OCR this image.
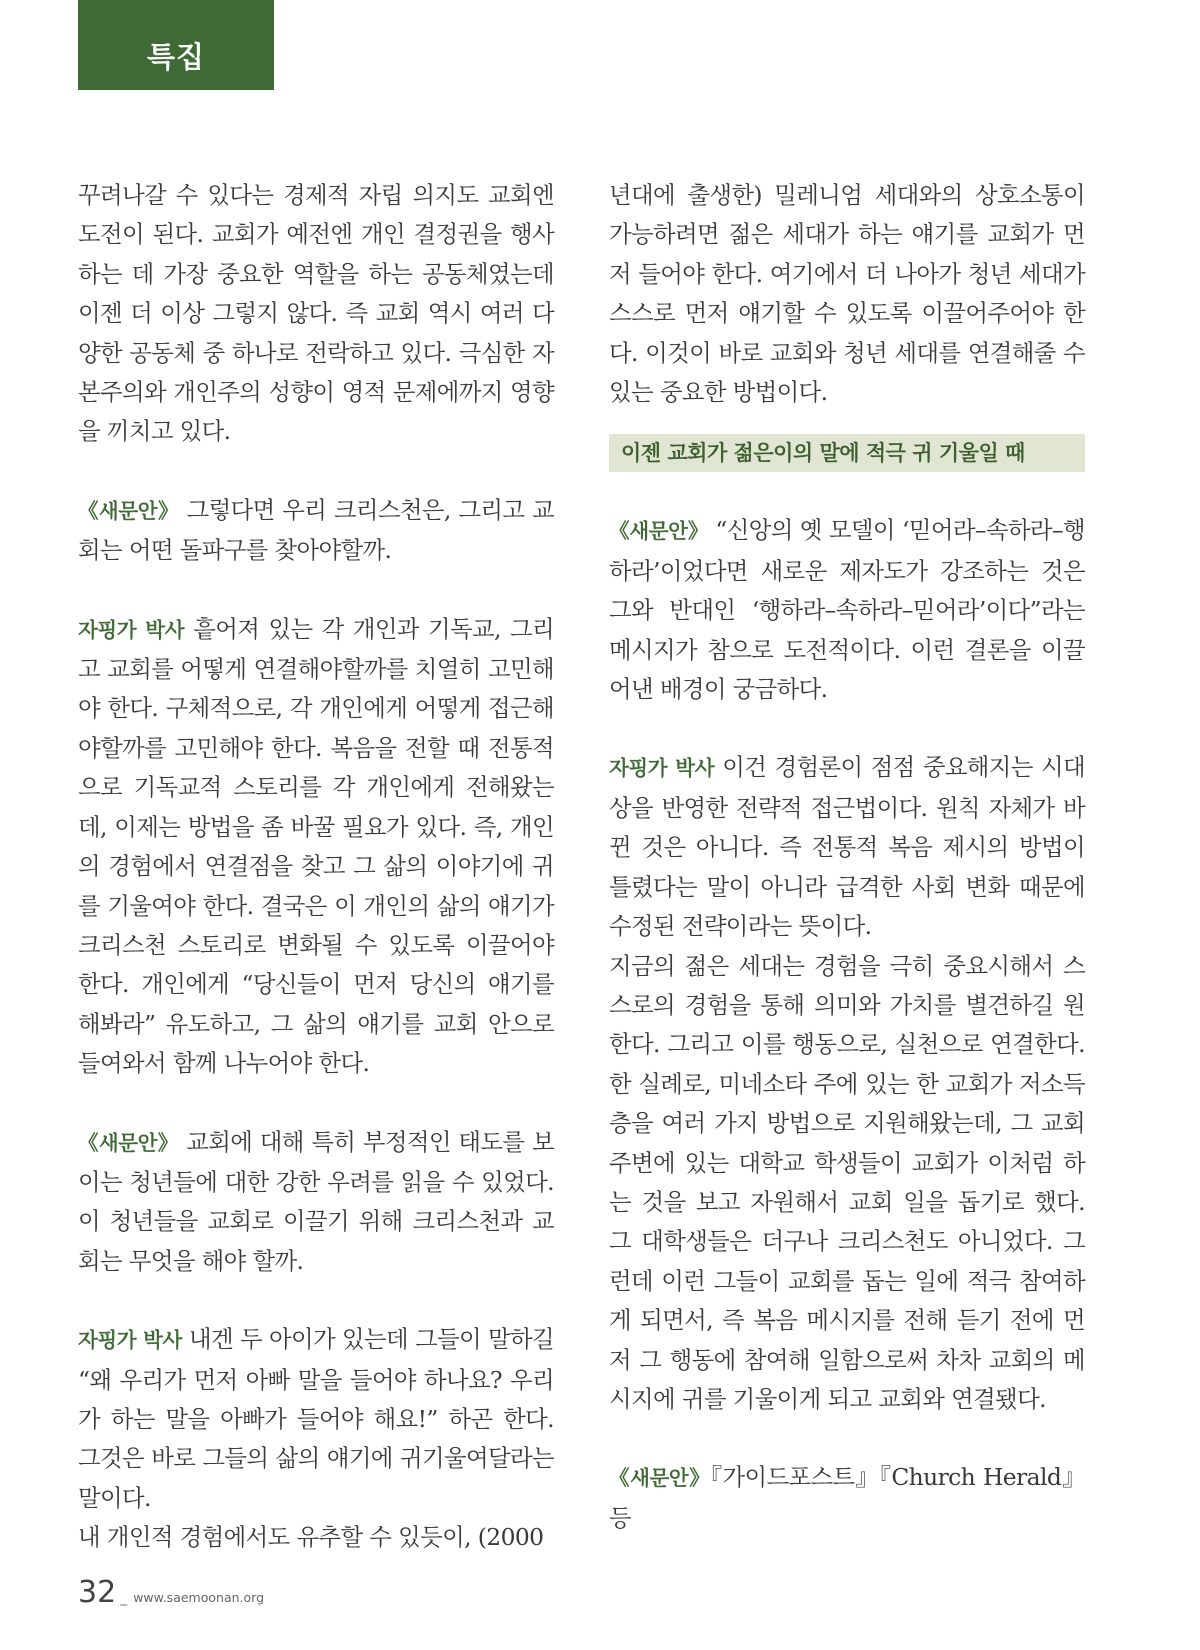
특집

꾸려나갈 수 있다는 경제적 자립 의지도 교회엔 도전이 된다. 교회가 예전엔 개인 결정권을 행사하는 데 가장 중요한 역할을 하는 공동체였는데 이젠 더 이상 그렇지 않다. 즉 교회 역시 여러 다양한 공동체 중 하나로 전락하고 있다. 극심한 자본주의와 개인주의 성향이 영적 문제에까지 영향을 끼치고 있다.

《새문안》 그렇다면 우리 크리스천은, 그리고 교회는 어떤 돌파구를 찾아야할까.

자핑가 박사 흩어져 있는 각 개인과 기독교, 그리고 교회를 어떻게 연결해야할까를 치열히 고민해야 한다. 구체적으로, 각 개인에게 어떻게 접근해야할까를 고민해야 한다. 복음을 전할 때 전통적으로 기독교적 스토리를 각 개인에게 전해왔는데, 이제는 방법을 좀 바꿀 필요가 있다. 즉, 개인의 경험에서 연결점을 찾고 그 삶의 이야기에 귀를 기울여야 한다. 결국은 이 개인의 삶의 얘기가 크리스천 스토리로 변화될 수 있도록 이끌어야 한다. 개인에게 “당신들이 먼저 당신의 얘기를 해봐라” 유도하고, 그 삶의 얘기를 교회 안으로 들여와서 함께 나누어야 한다.

《새문안》 교회에 대해 특히 부정적인 태도를 보이는 청년들에 대한 강한 우려를 읽을 수 있었다. 이 청년들을 교회로 이끌기 위해 크리스천과 교회는 무엇을 해야 할까.

자핑가 박사 내겐 두 아이가 있는데 그들이 말하길 “왜 우리가 먼저 아빠 말을 들어야 하나요? 우리가 하는 말을 아빠가 들어야 해요!” 하곤 한다. 그것은 바로 그들의 삶의 얘기에 귀기울여달라는 말이다.

내 개인적 경험에서도 유추할 수 있듯이, (2000

년대에 출생한) 밀레니엄 세대와의 상호소통이 가능하려면 젊은 세대가 하는 얘기를 교회가 먼저 들어야 한다. 여기에서 더 나아가 청년 세대가 스스로 먼저 얘기할 수 있도록 이끌어주어야 한다. 이것이 바로 교회와 청년 세대를 연결해줄 수 있는 중요한 방법이다.

이젠 교회가 젊은이의 말에 적극 귀 기울일 때

《새문안》 “신앙의 옛 모델이 ‘믿어라–속하라–행하라’이었다면 새로운 제자도가 강조하는 것은 그와 반대인 ‘행하라–속하라–믿어라’이다”라는 메시지가 참으로 도전적이다. 이런 결론을 이끌어낸 배경이 궁금하다.

자핑가 박사 이건 경험론이 점점 중요해지는 시대상을 반영한 전략적 접근법이다. 원칙 자체가 바뀐 것은 아니다. 즉 전통적 복음 제시의 방법이 틀렸다는 말이 아니라 급격한 사회 변화 때문에 수정된 전략이라는 뜻이다.

지금의 젊은 세대는 경험을 극히 중요시해서 스스로의 경험을 통해 의미와 가치를 별견하길 원한다. 그리고 이를 행동으로, 실천으로 연결한다. 한 실례로, 미네소타 주에 있는 한 교회가 저소득층을 여러 가지 방법으로 지원해왔는데, 그 교회 주변에 있는 대학교 학생들이 교회가 이처럼 하는 것을 보고 자원해서 교회 일을 돕기로 했다. 그 대학생들은 더구나 크리스천도 아니었다. 그런데 이런 그들이 교회를 돕는 일에 적극 참여하게 되면서, 즉 복음 메시지를 전해 듣기 전에 먼저 그 행동에 참여해 일함으로써 차차 교회의 메시지에 귀를 기울이게 되고 교회와 연결됐다.

《새문안》『가이드포스트』『Church Herald』등

32 _ www.saemoonan.org
